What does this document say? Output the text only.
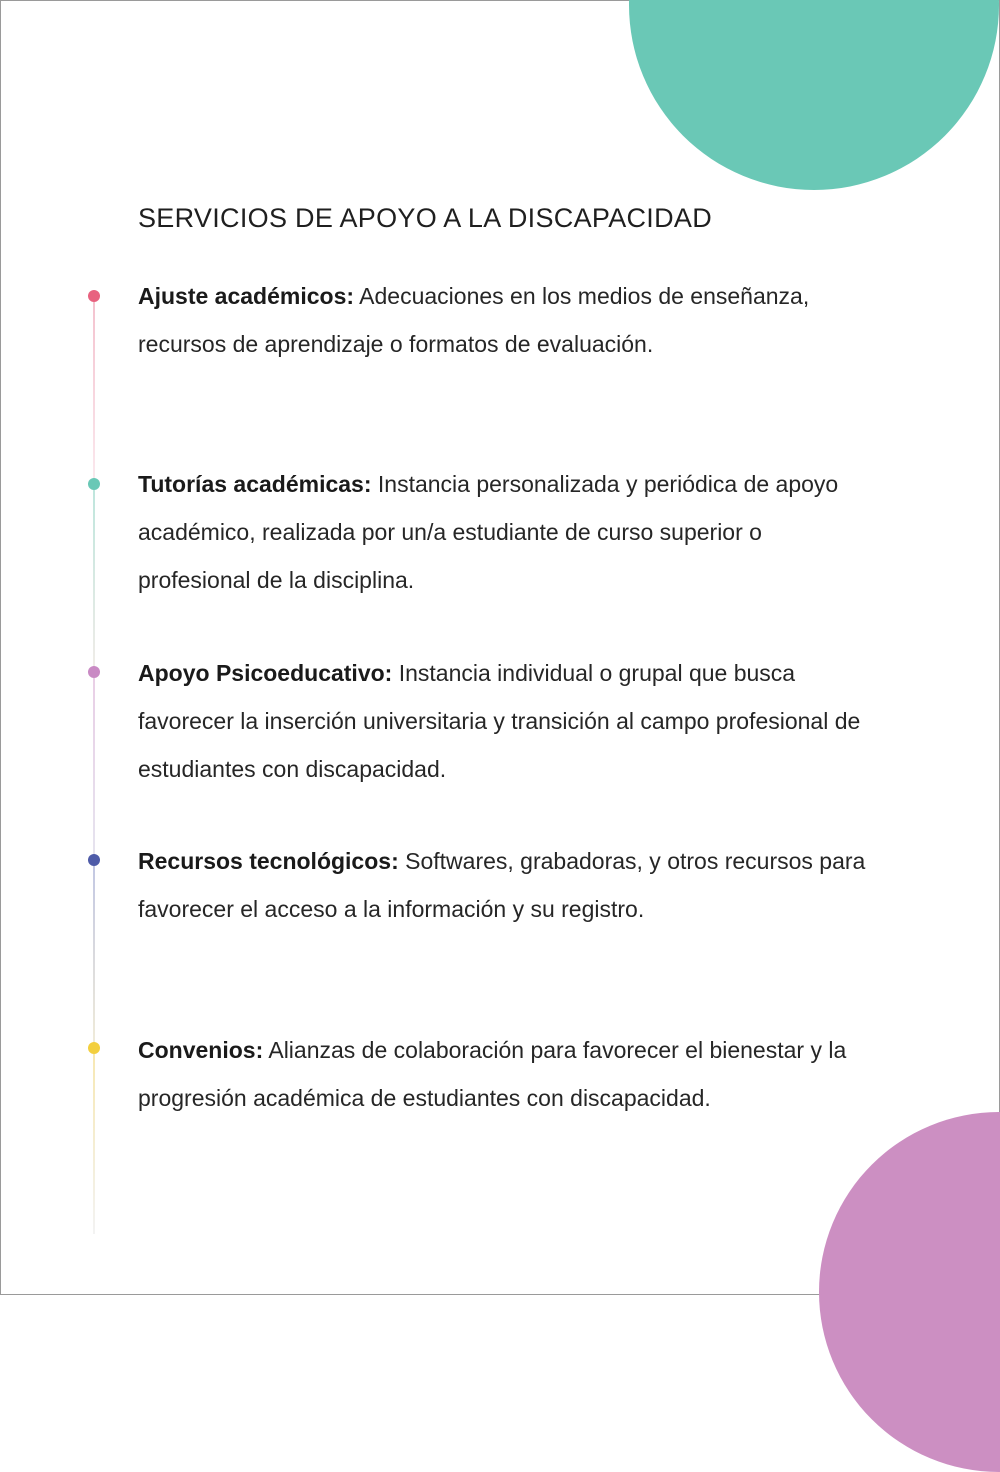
SERVICIOS DE APOYO A LA DISCAPACIDAD

Ajuste académicos: Adecuaciones en los medios de enseñanza, recursos de aprendizaje o formatos de evaluación.

Tutorías académicas: Instancia personalizada y periódica de apoyo académico, realizada por un/a estudiante de curso superior o profesional de la disciplina.

Apoyo Psicoeducativo: Instancia individual o grupal que busca favorecer la inserción universitaria y transición al campo profesional de estudiantes con discapacidad.

Recursos tecnológicos: Softwares, grabadoras, y otros recursos para favorecer el acceso a la información y su registro.

Convenios: Alianzas de colaboración para favorecer el bienestar y la progresión académica de estudiantes con discapacidad.
